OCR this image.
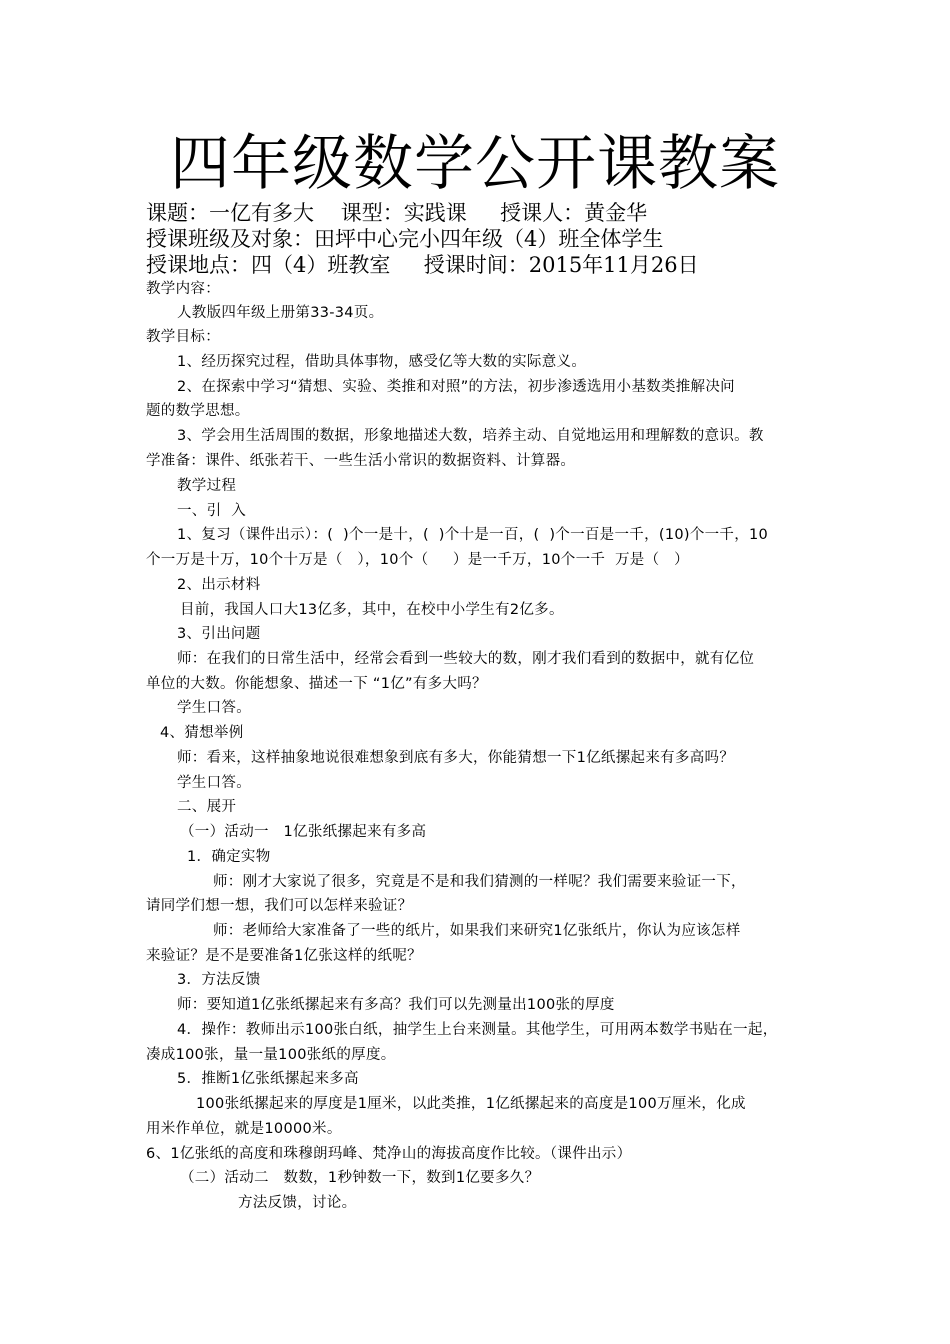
四年级数学公开课教案
课题：一亿有多大    课型：实践课     授课人：黄金华
授课班级及对象：田坪中心完小四年级（4）班全体学生
授课地点：四（4）班教室     授课时间：2015年11月26日
教学内容：
人教版四年级上册第33-34页。
教学目标：
1、经历探究过程，借助具体事物，感受亿等大数的实际意义。
2、在探索中学习“猜想、实验、类推和对照”的方法，初步渗透选用小基数类推解决问
题的数学思想。
3、学会用生活周围的数据，形象地描述大数，培养主动、自觉地运用和理解数的意识。教
学准备：课件、纸张若干、一些生活小常识的数据资料、计算器。
教学过程
一、引  入
1、复习（课件出示）：(  )个一是十，(  )个十是一百，(  )个一百是一千，(10)个一千，10
个一万是十万，10个十万是（   ），10个（     ）是一千万，10个一千  万是（   ）
2、出示材料
目前，我国人口大13亿多，其中，在校中小学生有2亿多。
3、引出问题
师：在我们的日常生活中，经常会看到一些较大的数，刚才我们看到的数据中，就有亿位
单位的大数。你能想象、描述一下 “1亿”有多大吗？
学生口答。
4、猜想举例
师：看来，这样抽象地说很难想象到底有多大，你能猜想一下1亿纸摞起来有多高吗？
学生口答。
二、展开
（一）活动一   1亿张纸摞起来有多高
1．确定实物
师：刚才大家说了很多，究竟是不是和我们猜测的一样呢？我们需要来验证一下，
请同学们想一想，我们可以怎样来验证？
师：老师给大家准备了一些的纸片，如果我们来研究1亿张纸片，你认为应该怎样
来验证？是不是要准备1亿张这样的纸呢？
3．方法反馈
师：要知道1亿张纸摞起来有多高？我们可以先测量出100张的厚度
4．操作：教师出示100张白纸，抽学生上台来测量。其他学生，可用两本数学书贴在一起，
凑成100张，量一量100张纸的厚度。
5．推断1亿张纸摞起来多高
100张纸摞起来的厚度是1厘米，以此类推，1亿纸摞起来的高度是100万厘米，化成
用米作单位，就是10000米。
6、1亿张纸的高度和珠穆朗玛峰、梵净山的海拔高度作比较。（课件出示）
（二）活动二   数数，1秒钟数一下，数到1亿要多久？
方法反馈，讨论。
